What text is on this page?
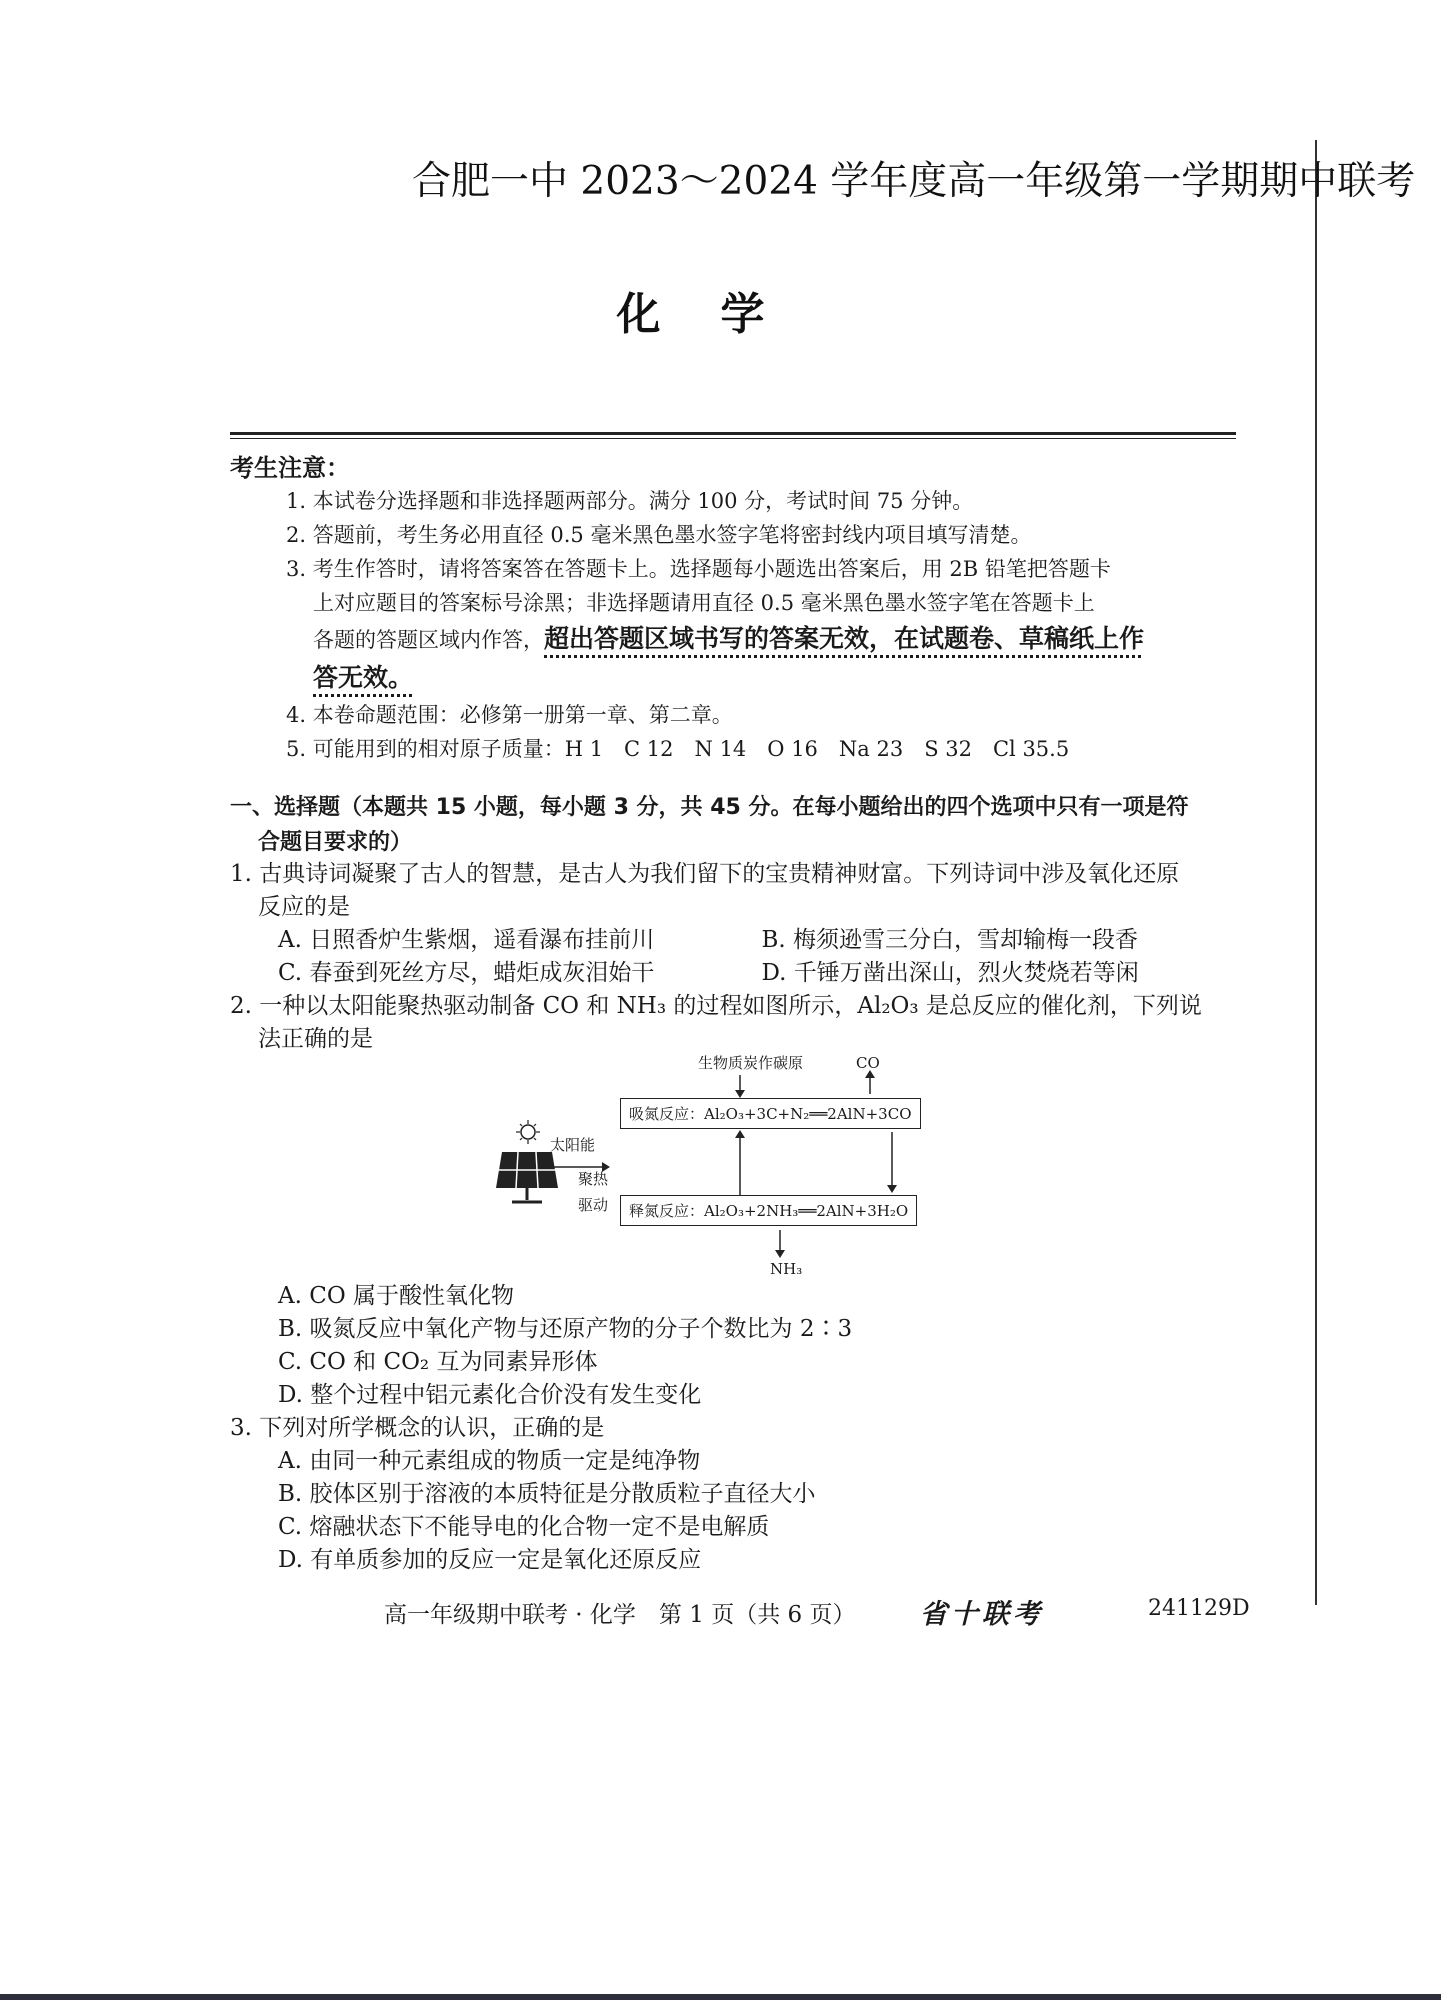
合肥一中 2023～2024 学年度高一年级第一学期期中联考
化学
考生注意：
1. 本试卷分选择题和非选择题两部分。满分 100 分，考试时间 75 分钟。
2. 答题前，考生务必用直径 0.5 毫米黑色墨水签字笔将密封线内项目填写清楚。
3. 考生作答时，请将答案答在答题卡上。选择题每小题选出答案后，用 2B 铅笔把答题卡
上对应题目的答案标号涂黑；非选择题请用直径 0.5 毫米黑色墨水签字笔在答题卡上
各题的答题区域内作答，超出答题区域书写的答案无效，在试题卷、草稿纸上作
答无效。
4. 本卷命题范围：必修第一册第一章、第二章。
5. 可能用到的相对原子质量：H 1　C 12　N 14　O 16　Na 23　S 32　Cl 35.5
一、选择题（本题共 15 小题，每小题 3 分，共 45 分。在每小题给出的四个选项中只有一项是符
合题目要求的）
1. 古典诗词凝聚了古人的智慧，是古人为我们留下的宝贵精神财富。下列诗词中涉及氧化还原
反应的是
A. 日照香炉生紫烟，遥看瀑布挂前川	B. 梅须逊雪三分白，雪却输梅一段香
C. 春蚕到死丝方尽，蜡炬成灰泪始干	D. 千锤万凿出深山，烈火焚烧若等闲
2. 一种以太阳能聚热驱动制备 CO 和 NH₃ 的过程如图所示，Al₂O₃ 是总反应的催化剂，下列说
法正确的是
生物质炭作碳原	CO
吸氮反应：Al₂O₃+3C+N₂══2AlN+3CO
释氮反应：Al₂O₃+2NH₃══2AlN+3H₂O
太阳能
聚热
驱动
NH₃
A. CO 属于酸性氧化物
B. 吸氮反应中氧化产物与还原产物的分子个数比为 2∶3
C. CO 和 CO₂ 互为同素异形体
D. 整个过程中铝元素化合价没有发生变化
3. 下列对所学概念的认识，正确的是
A. 由同一种元素组成的物质一定是纯净物
B. 胶体区别于溶液的本质特征是分散质粒子直径大小
C. 熔融状态下不能导电的化合物一定不是电解质
D. 有单质参加的反应一定是氧化还原反应
高一年级期中联考 · 化学　第 1 页（共 6 页） 省十联考	241129D
